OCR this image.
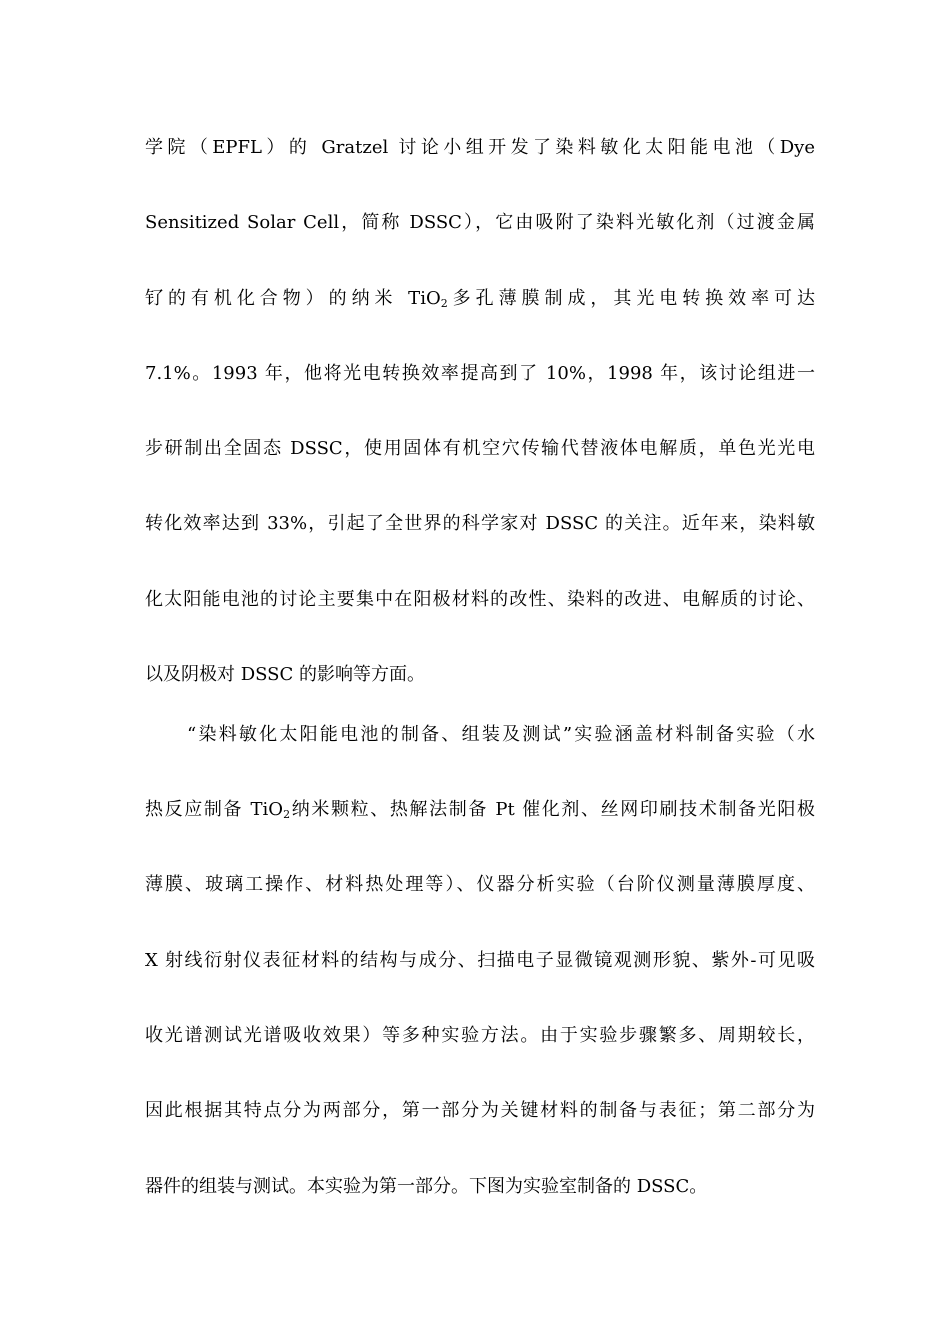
学院（EPFL）的 Gratzel 讨论小组开发了染料敏化太阳能电池（Dye
Sensitized Solar Cell，简称 DSSC），它由吸附了染料光敏化剂（过渡金属
钌的有机化合物）的纳米 TiO$_2$多孔薄膜制成，其光电转换效率可达
7.1%。1993 年，他将光电转换效率提高到了 10%，1998 年，该讨论组进一
步研制出全固态 DSSC，使用固体有机空穴传输代替液体电解质，单色光光电
转化效率达到 33%，引起了全世界的科学家对 DSSC 的关注。近年来，染料敏
化太阳能电池的讨论主要集中在阳极材料的改性、染料的改进、电解质的讨论、
以及阴极对 DSSC 的影响等方面。
“染料敏化太阳能电池的制备、组装及测试”实验涵盖材料制备实验（水
热反应制备 TiO$_2$纳米颗粒、热解法制备 Pt 催化剂、丝网印刷技术制备光阳极
薄膜、玻璃工操作、材料热处理等）、仪器分析实验（台阶仪测量薄膜厚度、
X 射线衍射仪表征材料的结构与成分、扫描电子显微镜观测形貌、紫外-可见吸
收光谱测试光谱吸收效果）等多种实验方法。由于实验步骤繁多、周期较长，
因此根据其特点分为两部分，第一部分为关键材料的制备与表征；第二部分为
器件的组装与测试。本实验为第一部分。下图为实验室制备的 DSSC。
